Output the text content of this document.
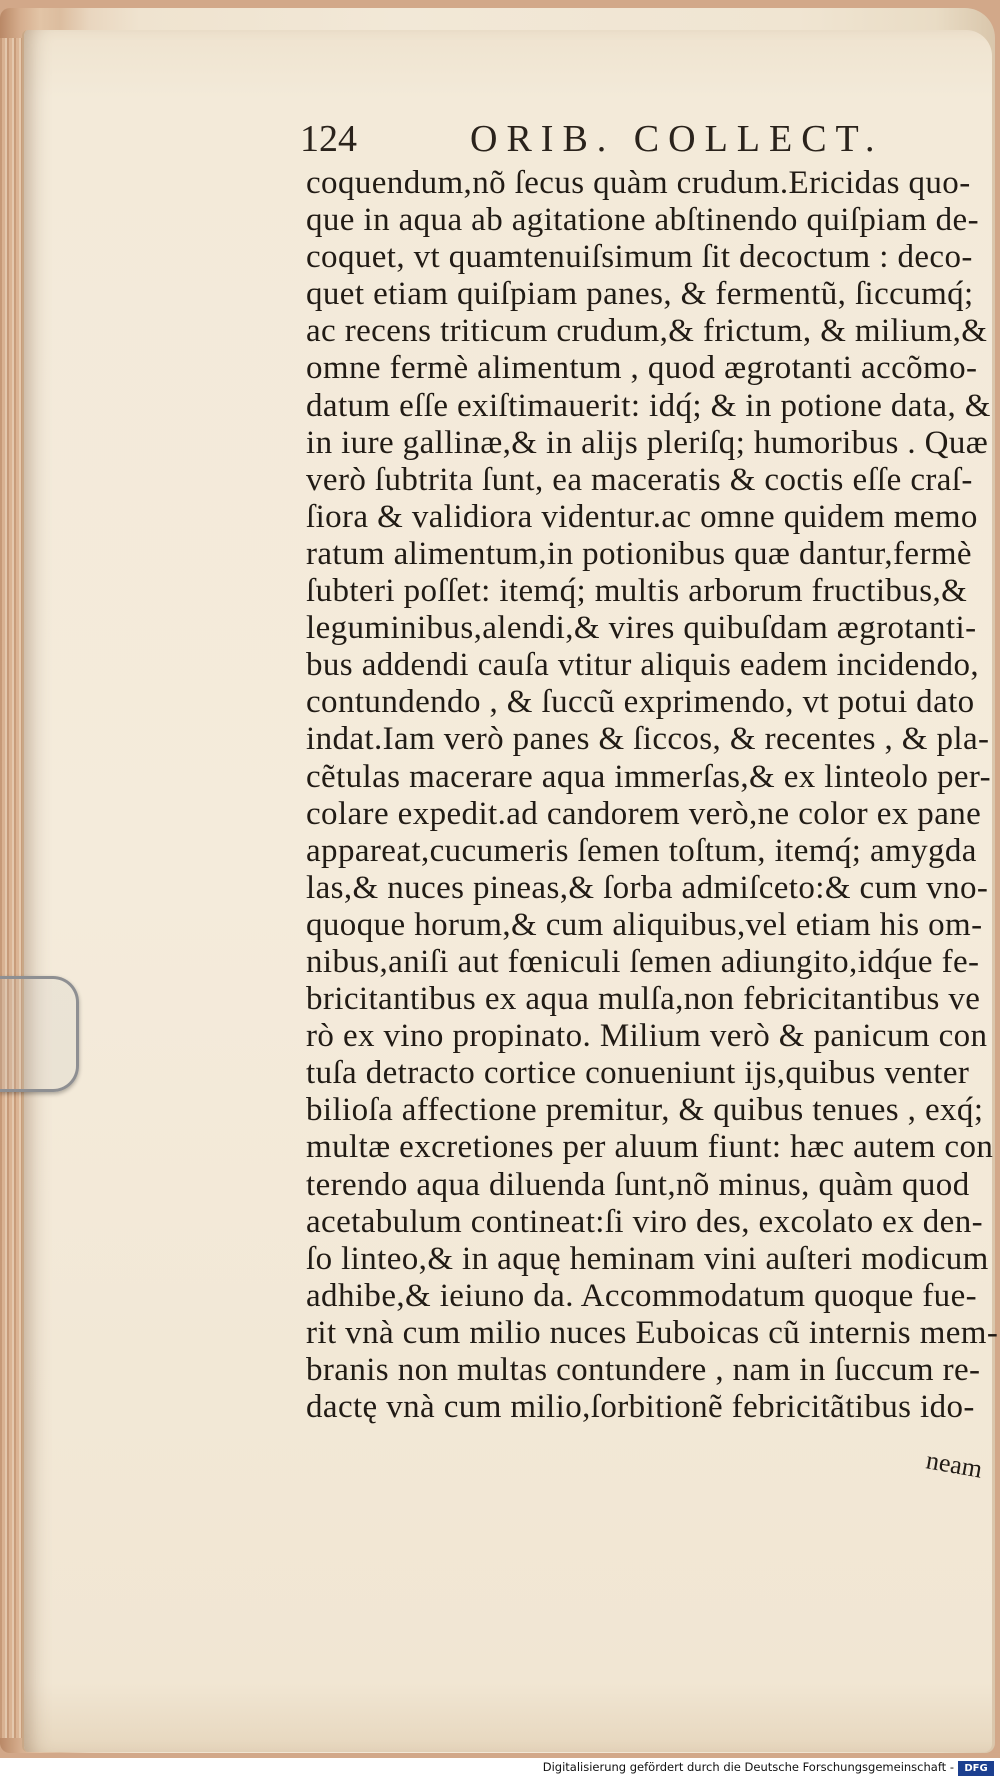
124	ORIB. COLLECT.
coquendum,nõ ſecus quàm crudum.Ericidas quo-
que in aqua ab agitatione abſtinendo quiſpiam de-
coquet, vt quamtenuiſsimum ſit decoctum : deco-
quet etiam quiſpiam panes, & fermentũ, ſiccumq́;
ac recens triticum crudum,& frictum, & milium,&
omne fermè alimentum , quod ægrotanti accõmo-
datum eſſe exiſtimauerit: idq́; & in potione data, &
in iure gallinæ,& in alijs pleriſq; humoribus . Quæ
verò ſubtrita ſunt, ea maceratis & coctis eſſe craſ-
ſiora & validiora videntur.ac omne quidem memo
ratum alimentum,in potionibus quæ dantur,fermè
ſubteri poſſet: itemq́; multis arborum fructibus,&
leguminibus,alendi,& vires quibuſdam ægrotanti-
bus addendi cauſa vtitur aliquis eadem incidendo,
contundendo , & ſuccũ exprimendo, vt potui dato
indat.Iam verò panes & ſiccos, & recentes , & pla-
cẽtulas macerare aqua immerſas,& ex linteolo per-
colare expedit.ad candorem verò,ne color ex pane
appareat,cucumeris ſemen toſtum, itemq́; amygda
las,& nuces pineas,& ſorba admiſceto:& cum vno-
quoque horum,& cum aliquibus,vel etiam his om-
nibus,aniſi aut fœniculi ſemen adiungito,idq́ue fe-
bricitantibus ex aqua mulſa,non febricitantibus ve
rò ex vino propinato. Milium verò & panicum con
tuſa detracto cortice conueniunt ijs,quibus venter
bilioſa affectione premitur, & quibus tenues , exq́;
multæ excretiones per aluum fiunt: hæc autem con
terendo aqua diluenda ſunt,nõ minus, quàm quod
acetabulum contineat:ſi viro des, excolato ex den-
ſo linteo,& in aquę heminam vini auſteri modicum
adhibe,& ieiuno da. Accommodatum quoque fue-
rit vnà cum milio nuces Euboicas cũ internis mem-
branis non multas contundere , nam in ſuccum re-
dactę vnà cum milio,ſorbitionẽ febricitãtibus ido-
neam
Digitalisierung gefördert durch die Deutsche Forschungsgemeinschaft -	DFG
